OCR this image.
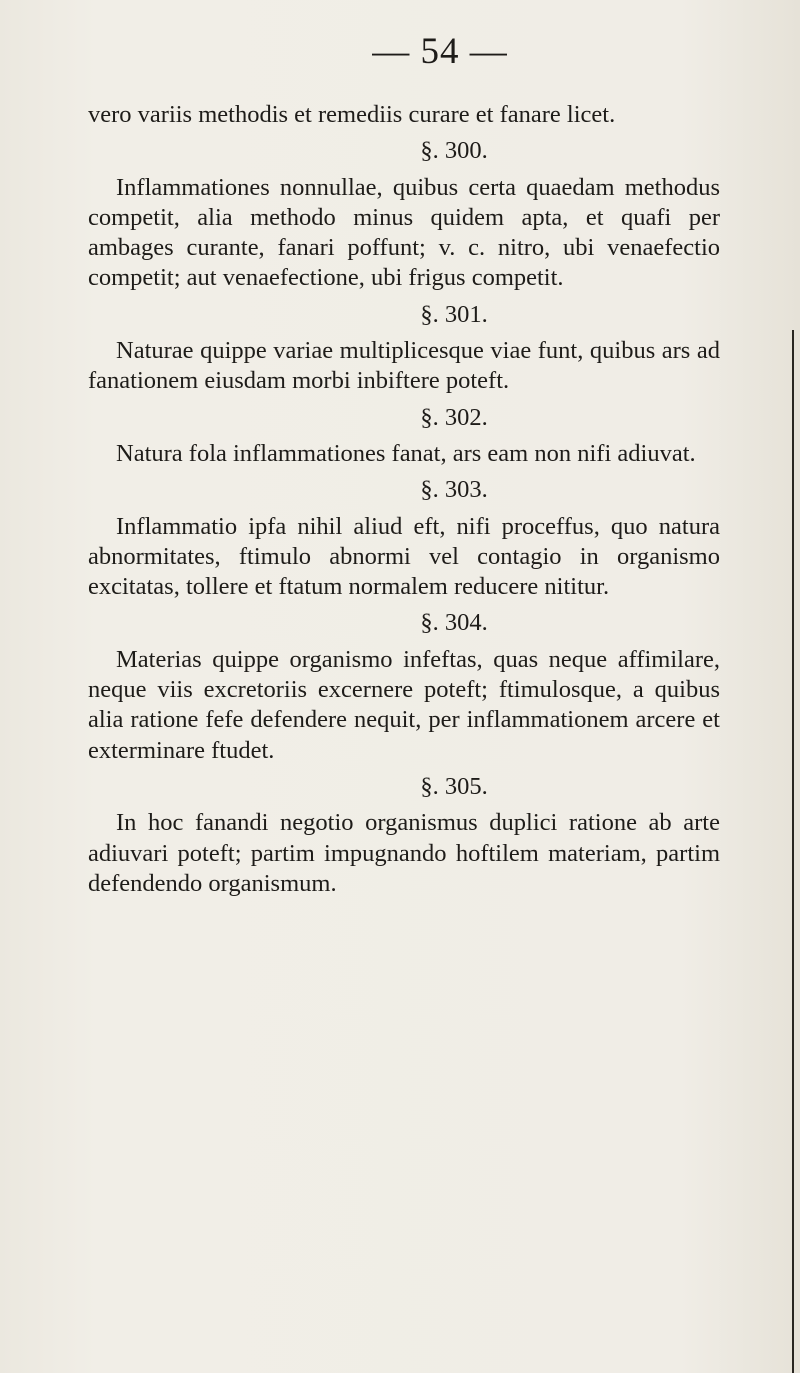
— 54 —

vero variis methodis et remediis curare et fanare licet.

§. 300.

Inflammationes nonnullae, quibus certa quaedam methodus competit, alia methodo minus quidem apta, et quafi per ambages curante, fanari poffunt; v. c. nitro, ubi venaefectio competit; aut venaefectione, ubi frigus competit.

§. 301.

Naturae quippe variae multiplicesque viae funt, quibus ars ad fanationem eiusdam morbi inbiftere poteft.

§. 302.

Natura fola inflammationes fanat, ars eam non nifi adiuvat.

§. 303.

Inflammatio ipfa nihil aliud eft, nifi proceffus, quo natura abnormitates, ftimulo abnormi vel contagio in organismo excitatas, tollere et ftatum normalem reducere nititur.

§. 304.

Materias quippe organismo infeftas, quas neque affimilare, neque viis excretoriis excernere poteft; ftimulosque, a quibus alia ratione fefe defendere nequit, per inflammationem arcere et exterminare ftudet.

§. 305.

In hoc fanandi negotio organismus duplici ratione ab arte adiuvari poteft; partim impugnando hoftilem materiam, partim defendendo organismum.
